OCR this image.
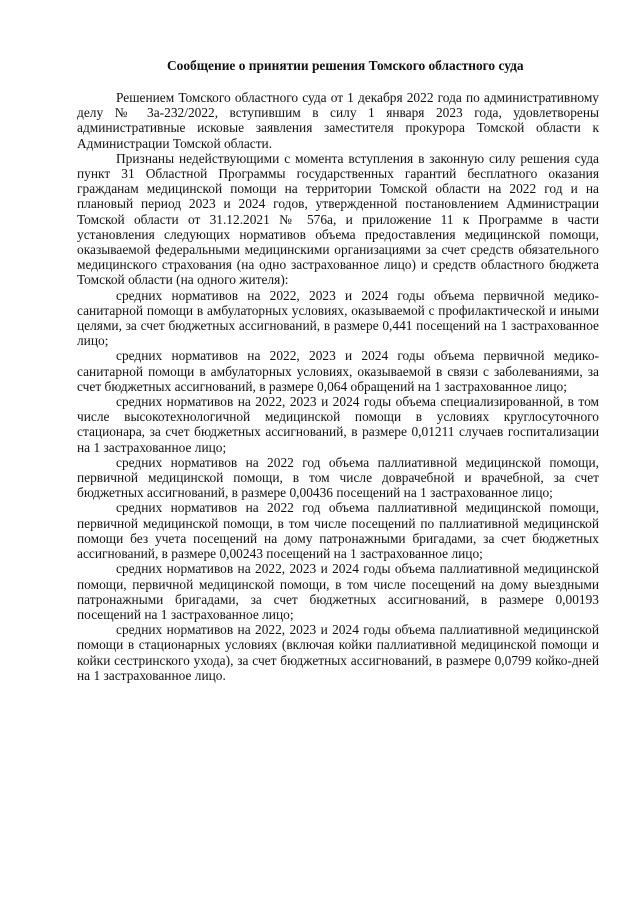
Сообщение о принятии решения Томского областного суда

Решением Томского областного суда от 1 декабря 2022 года по административному делу № 3а-232/2022, вступившим в силу 1 января 2023 года, удовлетворены административные исковые заявления заместителя прокурора Томской области к Администрации Томской области.

Признаны недействующими с момента вступления в законную силу решения суда пункт 31 Областной Программы государственных гарантий бесплатного оказания гражданам медицинской помощи на территории Томской области на 2022 год и на плановый период 2023 и 2024 годов, утвержденной постановлением Администрации Томской области от 31.12.2021 № 576а, и приложение 11 к Программе в части установления следующих нормативов объема предоставления медицинской помощи, оказываемой федеральными медицинскими организациями за счет средств обязательного медицинского страхования (на одно застрахованное лицо) и средств областного бюджета Томской области (на одного жителя):

средних нормативов на 2022, 2023 и 2024 годы объема первичной медико-санитарной помощи в амбулаторных условиях, оказываемой с профилактической и иными целями, за счет бюджетных ассигнований, в размере 0,441 посещений на 1 застрахованное лицо;

средних нормативов на 2022, 2023 и 2024 годы объема первичной медико-санитарной помощи в амбулаторных условиях, оказываемой в связи с заболеваниями, за счет бюджетных ассигнований, в размере 0,064 обращений на 1 застрахованное лицо;

средних нормативов на 2022, 2023 и 2024 годы объема специализированной, в том числе высокотехнологичной медицинской помощи в условиях круглосуточного стационара, за счет бюджетных ассигнований, в размере 0,01211 случаев госпитализации на 1 застрахованное лицо;

средних нормативов на 2022 год объема паллиативной медицинской помощи, первичной медицинской помощи, в том числе доврачебной и врачебной, за счет бюджетных ассигнований, в размере 0,00436 посещений на 1 застрахованное лицо;

средних нормативов на 2022 год объема паллиативной медицинской помощи, первичной медицинской помощи, в том числе посещений по паллиативной медицинской помощи без учета посещений на дому патронажными бригадами, за счет бюджетных ассигнований, в размере 0,00243 посещений на 1 застрахованное лицо;

средних нормативов на 2022, 2023 и 2024 годы объема паллиативной медицинской помощи, первичной медицинской помощи, в том числе посещений на дому выездными патронажными бригадами, за счет бюджетных ассигнований, в размере 0,00193 посещений на 1 застрахованное лицо;

средних нормативов на 2022, 2023 и 2024 годы объема паллиативной медицинской помощи в стационарных условиях (включая койки паллиативной медицинской помощи и койки сестринского ухода), за счет бюджетных ассигнований, в размере 0,0799 койко-дней на 1 застрахованное лицо.
